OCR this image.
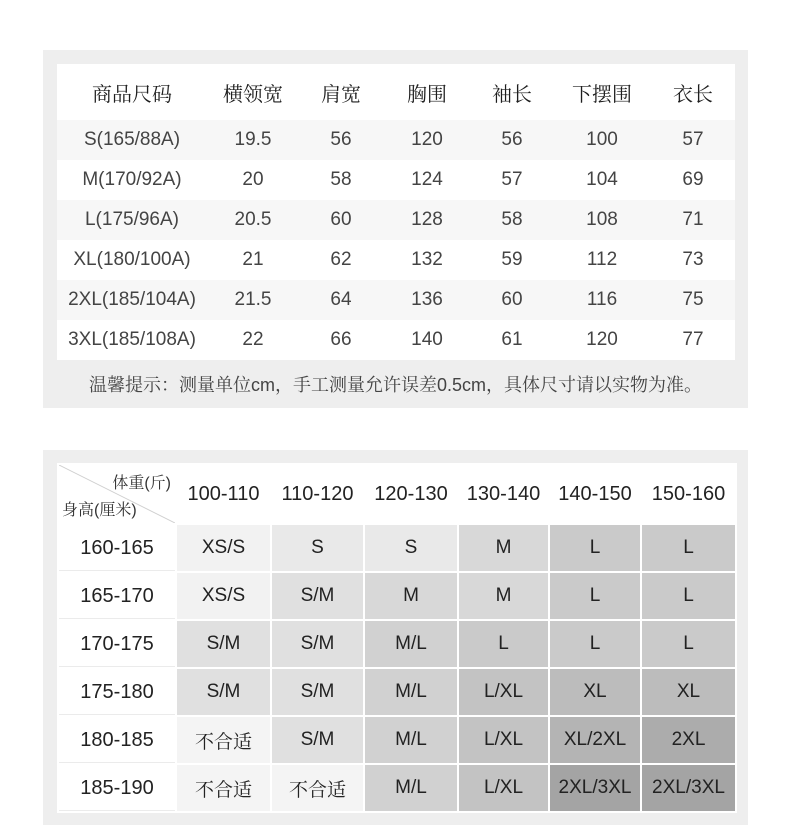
商品尺码	横领宽	肩宽	胸围	袖长	下摆围	衣长
S(165/88A)	19.5	56	120	56	100	57
M(170/92A)	20	58	124	57	104	69
L(175/96A)	20.5	60	128	58	108	71
XL(180/100A)	21	62	132	59	112	73
2XL(185/104A)	21.5	64	136	60	116	75
3XL(185/108A)	22	66	140	61	120	77
温馨提示：测量单位cm，手工测量允许误差0.5cm，具体尺寸请以实物为准。
体重(斤)
身高(厘米)	100-110	110-120	120-130	130-140	140-150	150-160
160-165	XS/S	S	S	M	L	L
165-170	XS/S	S/M	M	M	L	L
170-175	S/M	S/M	M/L	L	L	L
175-180	S/M	S/M	M/L	L/XL	XL	XL
180-185	不合适	S/M	M/L	L/XL	XL/2XL	2XL
185-190	不合适	不合适	M/L	L/XL	2XL/3XL	2XL/3XL
